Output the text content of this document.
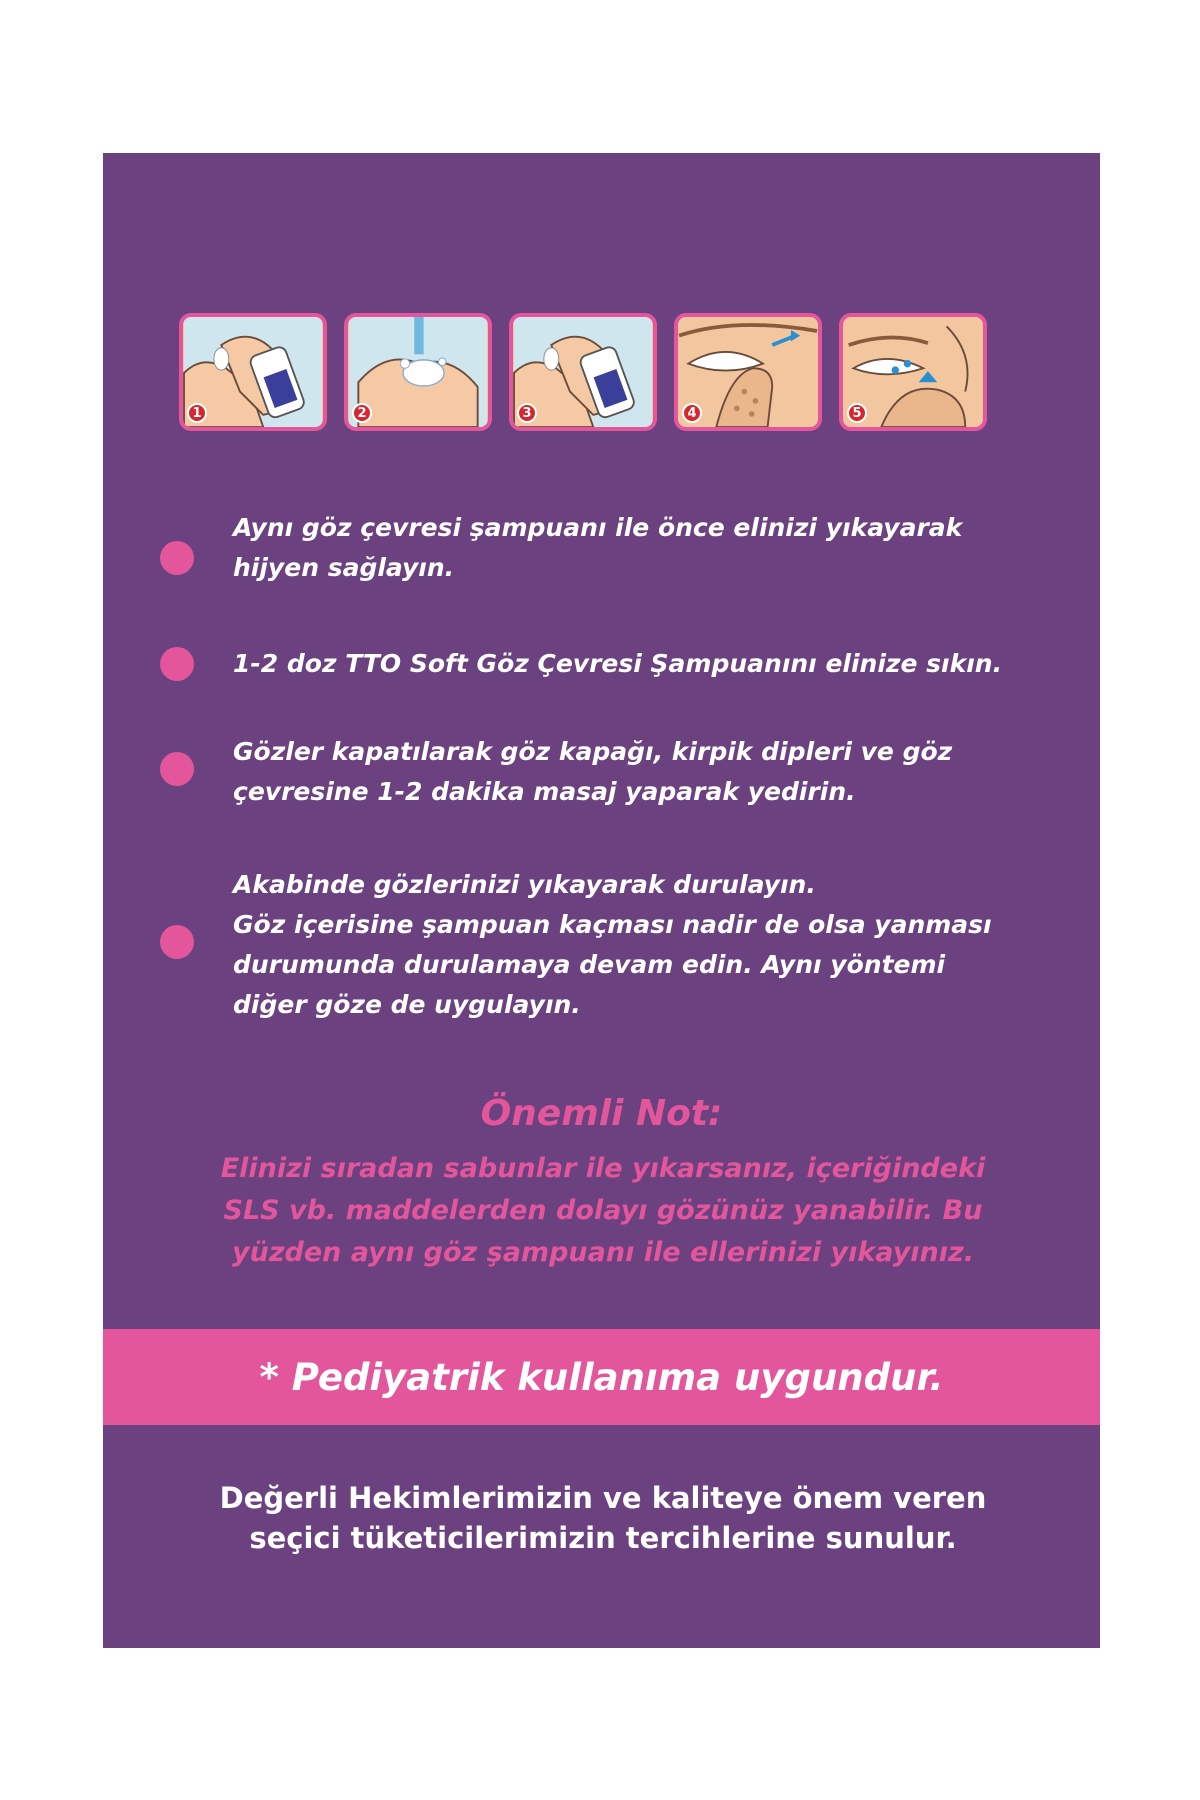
1	2	3	4	5
Aynı göz çevresi şampuanı ile önce elinizi yıkayarak
hijyen sağlayın.
1-2 doz TTO Soft Göz Çevresi Şampuanını elinize sıkın.
Gözler kapatılarak göz kapağı, kirpik dipleri ve göz
çevresine 1-2 dakika masaj yaparak yedirin.
Akabinde gözlerinizi yıkayarak durulayın.
Göz içerisine şampuan kaçması nadir de olsa yanması
durumunda durulamaya devam edin. Aynı yöntemi
diğer göze de uygulayın.
Önemli Not:
Elinizi sıradan sabunlar ile yıkarsanız, içeriğindeki
SLS vb. maddelerden dolayı gözünüz yanabilir. Bu
yüzden aynı göz şampuanı ile ellerinizi yıkayınız.
* Pediyatrik kullanıma uygundur.
Değerli Hekimlerimizin ve kaliteye önem veren
seçici tüketicilerimizin tercihlerine sunulur.
